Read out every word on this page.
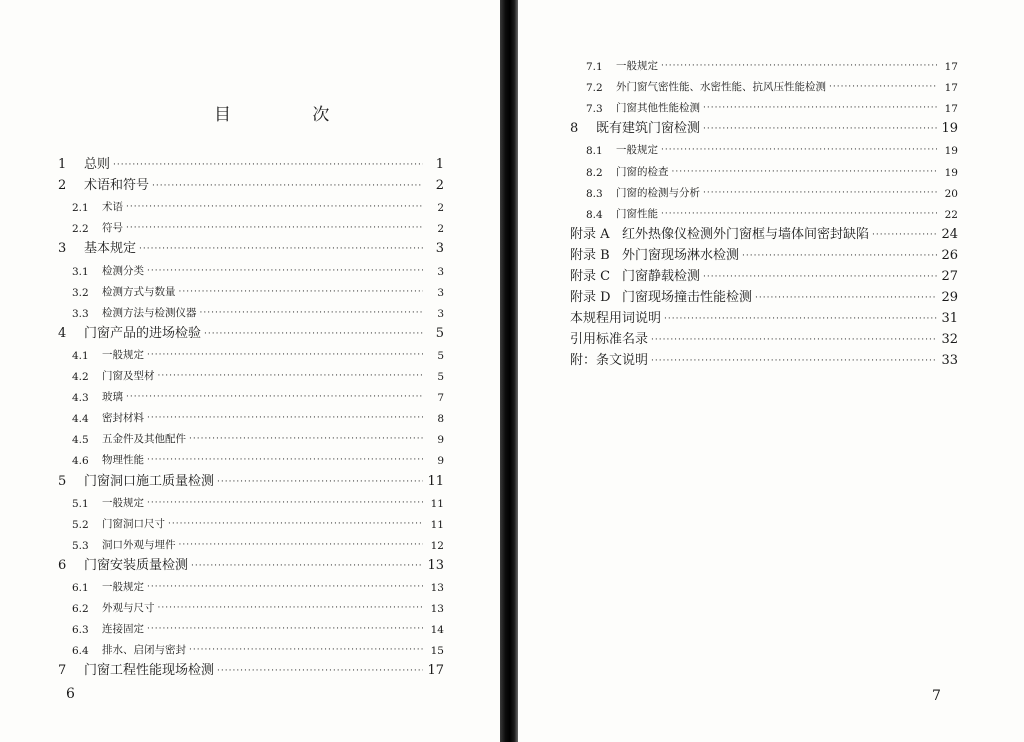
目 次
1	总则 ·····	1
2	术语和符号 ·····	2
2.1	术语 ·····	2
2.2	符号 ·····	2
3	基本规定 ·····	3
3.1	检测分类 ·····	3
3.2	检测方式与数量 ·····	3
3.3	检测方法与检测仪器 ·····	3
4	门窗产品的进场检验 ·····	5
4.1	一般规定 ·····	5
4.2	门窗及型材 ·····	5
4.3	玻璃 ·····	7
4.4	密封材料 ·····	8
4.5	五金件及其他配件 ·····	9
4.6	物理性能 ·····	9
5	门窗洞口施工质量检测 ·····	11
5.1	一般规定 ·····	11
5.2	门窗洞口尺寸 ·····	11
5.3	洞口外观与埋件 ·····	12
6	门窗安装质量检测 ·····	13
6.1	一般规定 ·····	13
6.2	外观与尺寸 ·····	13
6.3	连接固定 ·····	14
6.4	排水、启闭与密封 ·····	15
7	门窗工程性能现场检测 ·····	17
6
7.1	一般规定 ·····	17
7.2	外门窗气密性能、水密性能、抗风压性能检测 ·····	17
7.3	门窗其他性能检测 ·····	17
8	既有建筑门窗检测 ·····	19
8.1	一般规定 ·····	19
8.2	门窗的检查 ·····	19
8.3	门窗的检测与分析 ·····	20
8.4	门窗性能 ·····	22
附录 A 红外热像仪检测外门窗框与墙体间密封缺陷 ·····	24
附录 B 外门窗现场淋水检测 ·····	26
附录 C 门窗静载检测 ·····	27
附录 D 门窗现场撞击性能检测 ·····	29
本规程用词说明 ·····	31
引用标准名录 ·····	32
附：条文说明 ·····	33
7
